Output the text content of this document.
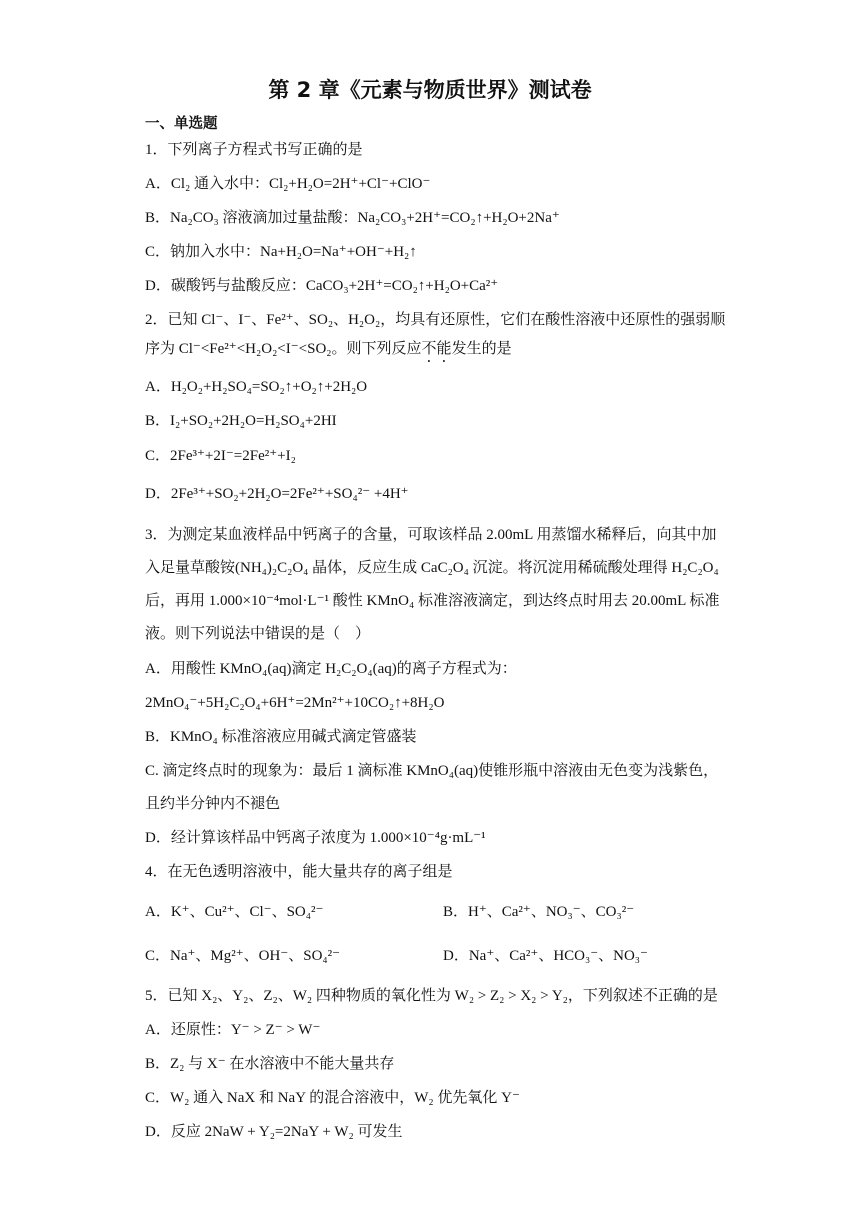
第 2 章《元素与物质世界》测试卷
一、单选题
1．下列离子方程式书写正确的是
A．Cl₂ 通入水中：Cl₂+H₂O=2H⁺+Cl⁻+ClO⁻
B．Na₂CO₃ 溶液滴加过量盐酸：Na₂CO₃+2H⁺=CO₂↑+H₂O+2Na⁺
C．钠加入水中：Na+H₂O=Na⁺+OH⁻+H₂↑
D．碳酸钙与盐酸反应：CaCO₃+2H⁺=CO₂↑+H₂O+Ca²⁺
2．已知 Cl⁻、I⁻、Fe²⁺、SO₂、H₂O₂，均具有还原性，它们在酸性溶液中还原性的强弱顺
序为 Cl⁻<Fe²⁺<H₂O₂<I⁻<SO₂。则下列反应不能发生的是
A．H₂O₂+H₂SO₄=SO₂↑+O₂↑+2H₂O
B．I₂+SO₂+2H₂O=H₂SO₄+2HI
C．2Fe³⁺+2I⁻=2Fe²⁺+I₂
D．2Fe³⁺+SO₂+2H₂O=2Fe²⁺+SO₄²⁻ +4H⁺
3．为测定某血液样品中钙离子的含量，可取该样品 2.00mL 用蒸馏水稀释后，向其中加
入足量草酸铵(NH₄)₂C₂O₄ 晶体，反应生成 CaC₂O₄ 沉淀。将沉淀用稀硫酸处理得 H₂C₂O₄
后，再用 1.000×10⁻⁴mol·L⁻¹ 酸性 KMnO₄ 标准溶液滴定，到达终点时用去 20.00mL 标准
液。则下列说法中错误的是（　）
A．用酸性 KMnO₄(aq)滴定 H₂C₂O₄(aq)的离子方程式为：
2MnO₄⁻+5H₂C₂O₄+6H⁺=2Mn²⁺+10CO₂↑+8H₂O
B．KMnO₄ 标准溶液应用碱式滴定管盛装
C. 滴定终点时的现象为：最后 1 滴标准 KMnO₄(aq)使锥形瓶中溶液由无色变为浅紫色，
且约半分钟内不褪色
D．经计算该样品中钙离子浓度为 1.000×10⁻⁴g·mL⁻¹
4．在无色透明溶液中，能大量共存的离子组是
A．K⁺、Cu²⁺、Cl⁻、SO₄²⁻	B．H⁺、Ca²⁺、NO₃⁻、CO₃²⁻
C．Na⁺、Mg²⁺、OH⁻、SO₄²⁻	D．Na⁺、Ca²⁺、HCO₃⁻、NO₃⁻
5．已知 X₂、Y₂、Z₂、W₂ 四种物质的氧化性为 W₂ > Z₂ > X₂ > Y₂，下列叙述不正确的是
A．还原性：Y⁻ > Z⁻ > W⁻
B．Z₂ 与 X⁻ 在水溶液中不能大量共存
C．W₂ 通入 NaX 和 NaY 的混合溶液中，W₂ 优先氧化 Y⁻
D．反应 2NaW + Y₂=2NaY + W₂ 可发生
